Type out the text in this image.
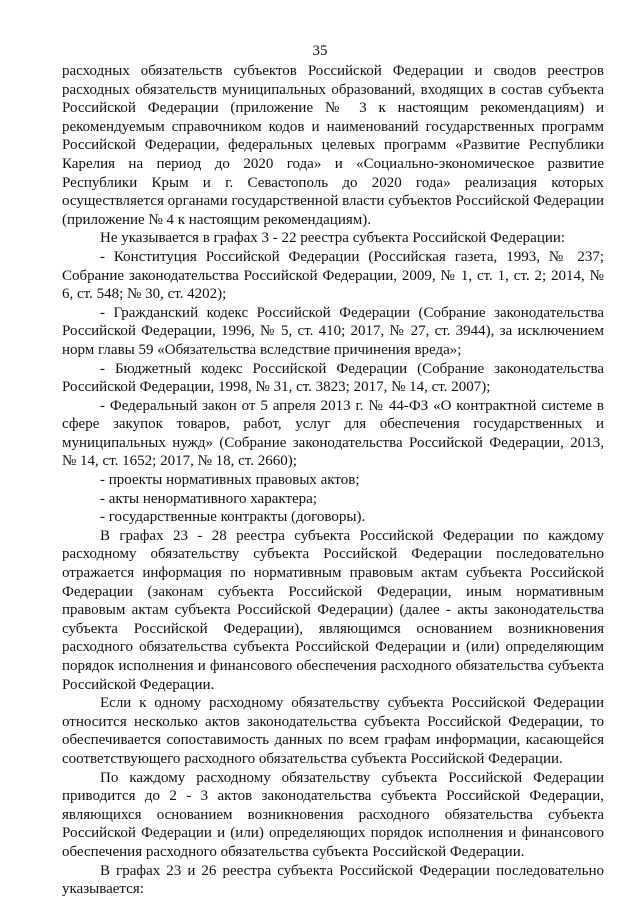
35

расходных обязательств субъектов Российской Федерации и сводов реестров расходных обязательств муниципальных образований, входящих в состав субъекта Российской Федерации (приложение № 3 к настоящим рекомендациям) и рекомендуемым справочником кодов и наименований государственных программ Российской Федерации, федеральных целевых программ «Развитие Республики Карелия на период до 2020 года» и «Социально-экономическое развитие Республики Крым и г. Севастополь до 2020 года» реализация которых осуществляется органами государственной власти субъектов Российской Федерации (приложение № 4 к настоящим рекомендациям).

Не указывается в графах 3 - 22 реестра субъекта Российской Федерации:

- Конституция Российской Федерации (Российская газета, 1993, № 237; Собрание законодательства Российской Федерации, 2009, № 1, ст. 1, ст. 2; 2014, № 6, ст. 548; № 30, ст. 4202);

- Гражданский кодекс Российской Федерации (Собрание законодательства Российской Федерации, 1996, № 5, ст. 410; 2017, № 27, ст. 3944), за исключением норм главы 59 «Обязательства вследствие причинения вреда»;

- Бюджетный кодекс Российской Федерации (Собрание законодательства Российской Федерации, 1998, № 31, ст. 3823; 2017, № 14, ст. 2007);

- Федеральный закон от 5 апреля 2013 г. № 44-ФЗ «О контрактной системе в сфере закупок товаров, работ, услуг для обеспечения государственных и муниципальных нужд» (Собрание законодательства Российской Федерации, 2013, № 14, ст. 1652; 2017, № 18, ст. 2660);

- проекты нормативных правовых актов;

- акты ненормативного характера;

- государственные контракты (договоры).

В графах 23 - 28 реестра субъекта Российской Федерации по каждому расходному обязательству субъекта Российской Федерации последовательно отражается информация по нормативным правовым актам субъекта Российской Федерации (законам субъекта Российской Федерации, иным нормативным правовым актам субъекта Российской Федерации) (далее - акты законодательства субъекта Российской Федерации), являющимся основанием возникновения расходного обязательства субъекта Российской Федерации и (или) определяющим порядок исполнения и финансового обеспечения расходного обязательства субъекта Российской Федерации.

Если к одному расходному обязательству субъекта Российской Федерации относится несколько актов законодательства субъекта Российской Федерации, то обеспечивается сопоставимость данных по всем графам информации, касающейся соответствующего расходного обязательства субъекта Российской Федерации.

По каждому расходному обязательству субъекта Российской Федерации приводится до 2 - 3 актов законодательства субъекта Российской Федерации, являющихся основанием возникновения расходного обязательства субъекта Российской Федерации и (или) определяющих порядок исполнения и финансового обеспечения расходного обязательства субъекта Российской Федерации.

В графах 23 и 26 реестра субъекта Российской Федерации последовательно указывается:
